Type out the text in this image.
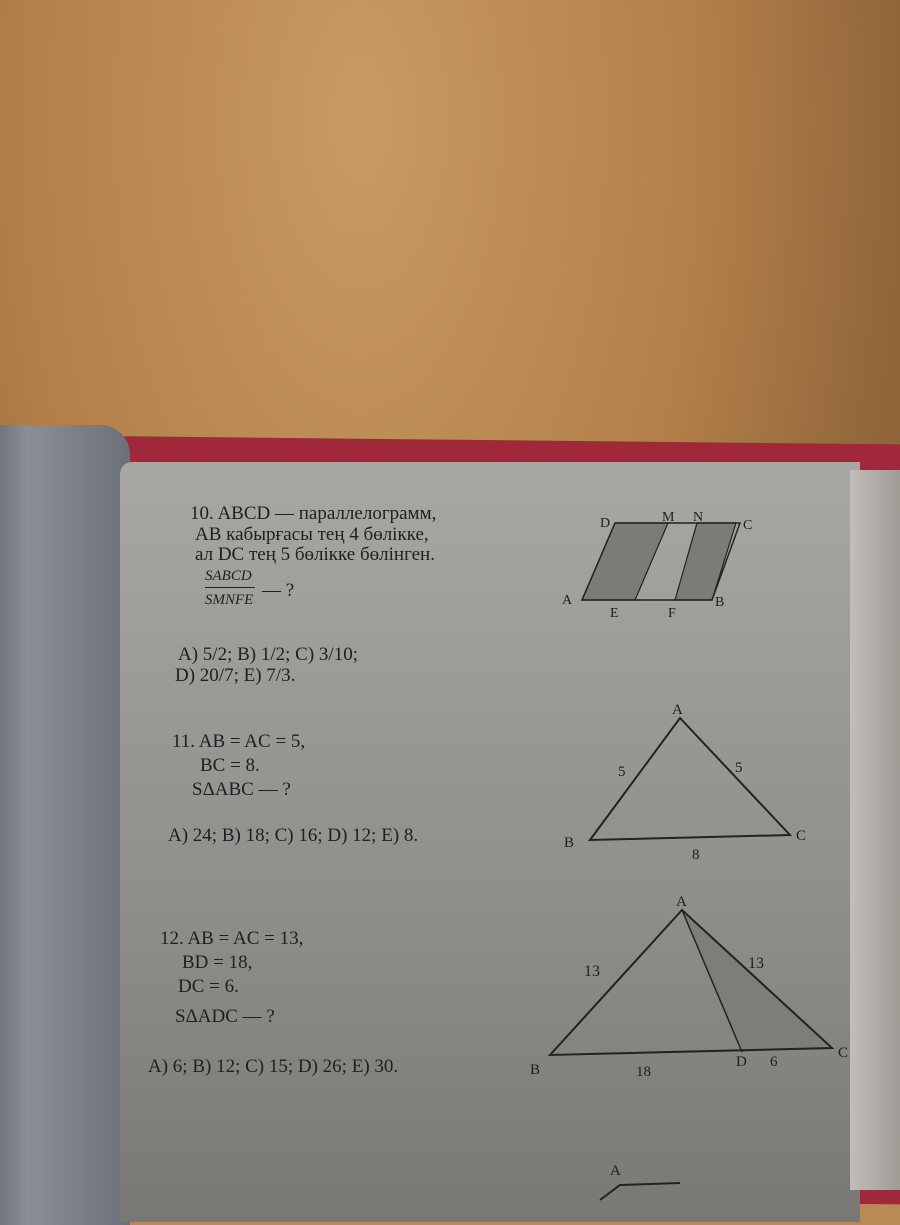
10. ABCD — параллелограмм,
AB кабырғасы тең 4 бөлікке,
ал DC тең 5 бөлікке бөлінген.
SABCD
SMNFE — ?
A) 5/2; B) 1/2; C) 3/10;
D) 20/7; E) 7/3.
D	M N
C
A
E	F
B
11. AB = AC = 5,
BC = 8.
SΔABC — ?
A) 24; B) 18; C) 16; D) 12; E) 8.
A
B	C
5	5
8
12. AB = AC = 13,
BD = 18,
DC = 6.
SΔADC — ?
A) 6; B) 12; C) 15; D) 26; E) 30.
A
B
C
D
13	13
18
6
A
